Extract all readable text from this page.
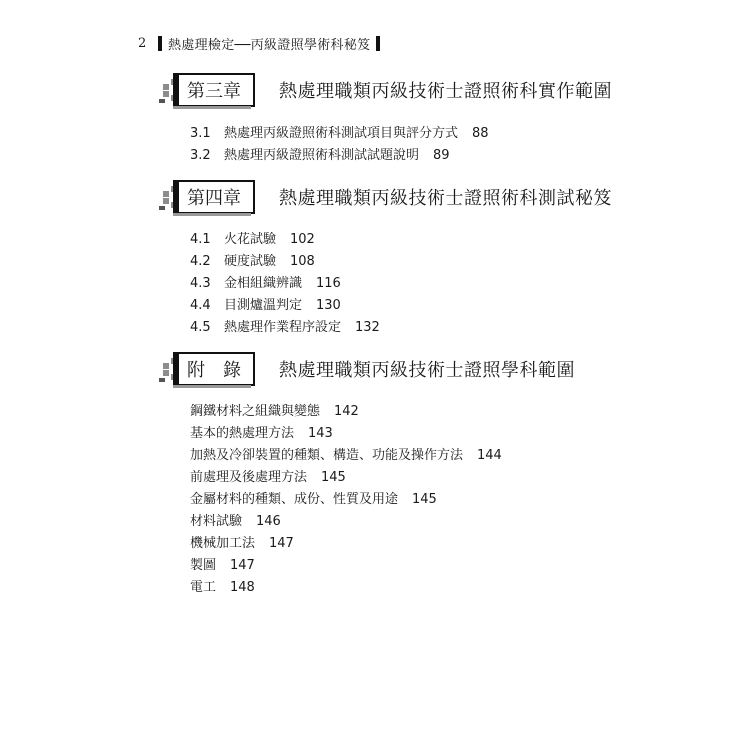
2	熱處理檢定──丙級證照學術科秘笈
第三章 熱處理職類丙級技術士證照術科實作範圍
3.1	熱處理丙級證照術科測試項目與評分方式 88
3.2	熱處理丙級證照術科測試試題說明 89
第四章 熱處理職類丙級技術士證照術科測試秘笈
4.1	火花試驗 102
4.2	硬度試驗 108
4.3	金相組織辨識 116
4.4	目測爐溫判定 130
4.5	熱處理作業程序設定 132
附　錄 熱處理職類丙級技術士證照學科範圍
鋼鐵材料之組織與變態 142
基本的熱處理方法 143
加熱及冷卻裝置的種類、構造、功能及操作方法 144
前處理及後處理方法 145
金屬材料的種類、成份、性質及用途 145
材料試驗 146
機械加工法 147
製圖 147
電工 148
